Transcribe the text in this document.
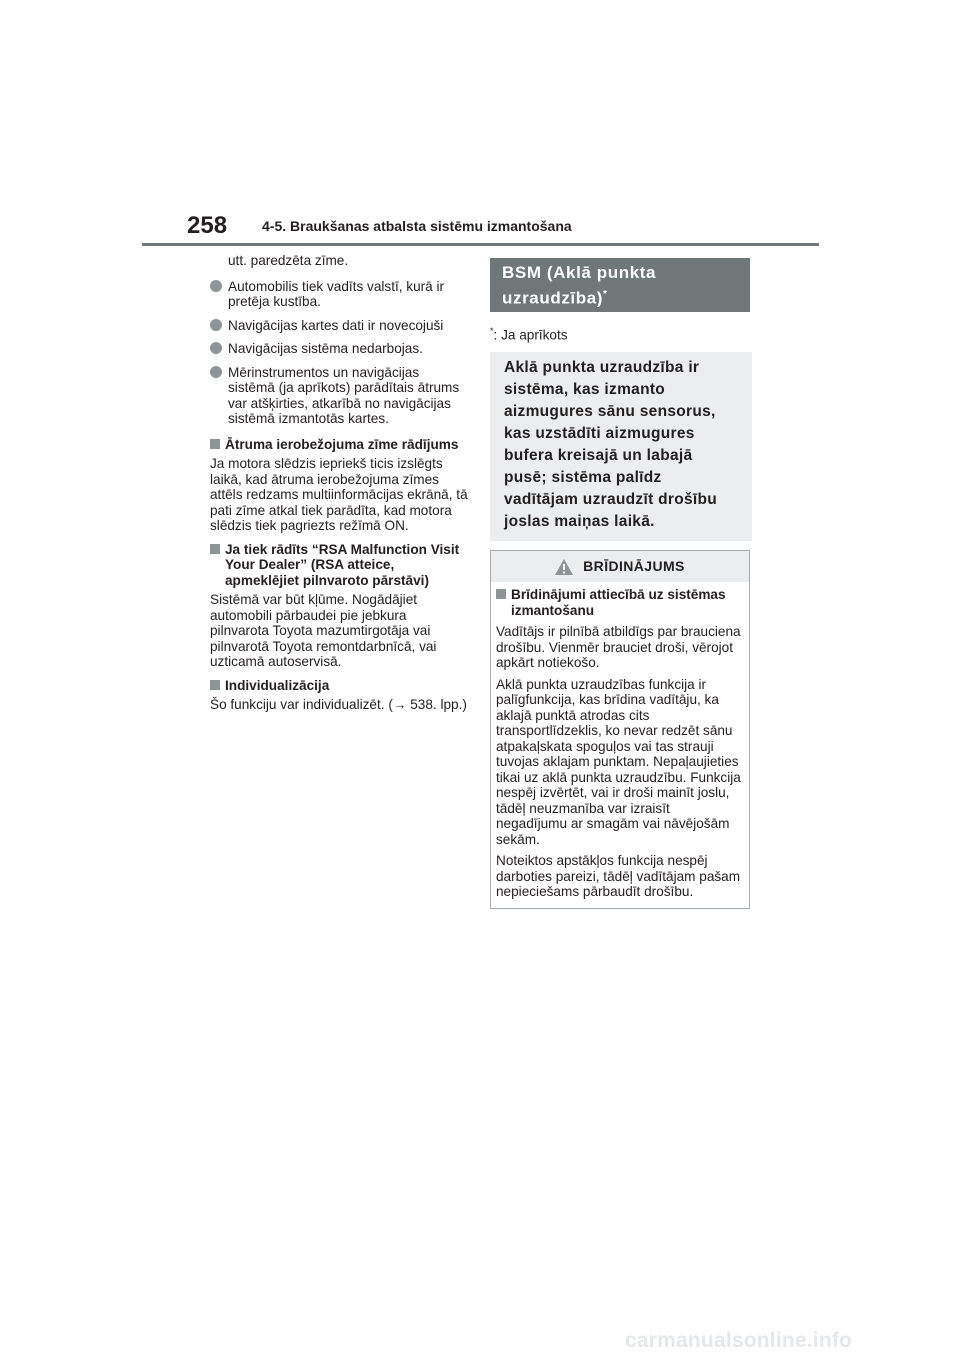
258 4-5. Braukšanas atbalsta sistēmu izmantošana
utt. paredzēta zīme.
Automobilis tiek vadīts valstī, kurā ir pretēja kustība.
Navigācijas kartes dati ir novecojuši
Navigācijas sistēma nedarbojas.
Mērinstrumentos un navigācijas sistēmā (ja aprīkots) parādītais ātrums var atšķirties, atkarībā no navigācijas sistēmā izmantotās kartes.
Ātruma ierobežojuma zīme rādījums
Ja motora slēdzis iepriekš ticis izslēgts laikā, kad ātruma ierobežojuma zīmes attēls redzams multiinformācijas ekrānā, tā pati zīme atkal tiek parādīta, kad motora slēdzis tiek pagriezts režīmā ON.
Ja tiek rādīts “RSA Malfunction Visit Your Dealer” (RSA atteice, apmeklējiet pilnvaroto pārstāvi)
Sistēmā var būt kļūme. Nogādājiet automobili pārbaudei pie jebkura pilnvarota Toyota mazumtirgotāja vai pilnvarotā Toyota remontdarbnīcā, vai uzticamā autoservisā.
Individualizācija
Šo funkciju var individualizēt. (→ 538. lpp.)
BSM (Aklā punkta
uzraudzība)*
*: Ja aprīkots
Aklā punkta uzraudzība ir sistēma, kas izmanto aizmugures sānu sensorus, kas uzstādīti aizmugures bufera kreisajā un labajā pusē; sistēma palīdz vadītājam uzraudzīt drošību joslas maiņas laikā.
BRĪDINĀJUMS
Brīdinājumi attiecībā uz sistēmas izmantošanu
Vadītājs ir pilnībā atbildīgs par brauciena drošību. Vienmēr brauciet droši, vērojot apkārt notiekošo.
Aklā punkta uzraudzības funkcija ir palīgfunkcija, kas brīdina vadītāju, ka aklajā punktā atrodas cits transportlīdzeklis, ko nevar redzēt sānu atpakaļskata spoguļos vai tas strauji tuvojas aklajam punktam. Nepaļaujieties tikai uz aklā punkta uzraudzību. Funkcija nespēj izvērtēt, vai ir droši mainīt joslu, tādēļ neuzmanība var izraisīt negadījumu ar smagām vai nāvējošām sekām.
Noteiktos apstākļos funkcija nespēj darboties pareizi, tādēļ vadītājam pašam nepieciešams pārbaudīt drošību.
carmanualsonline.info
